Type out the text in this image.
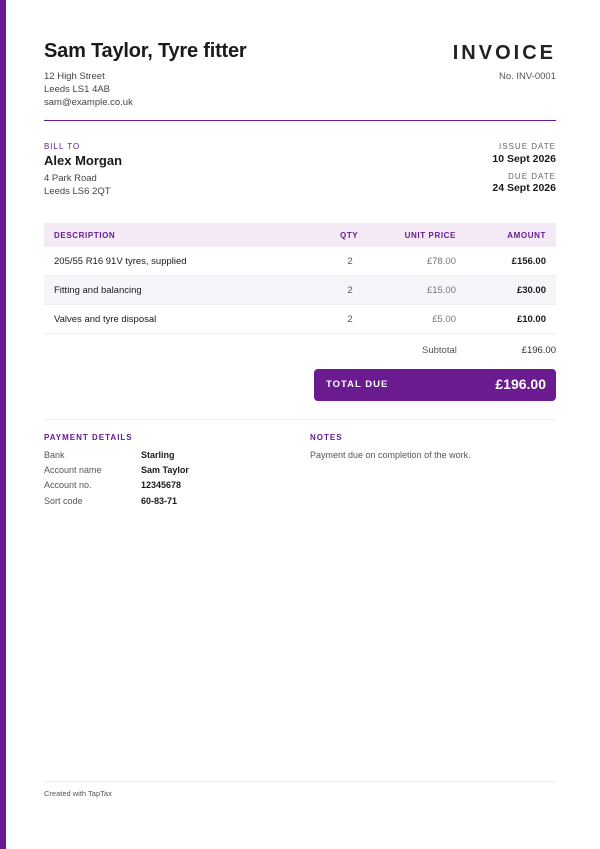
Sam Taylor, Tyre fitter
12 High Street
Leeds LS1 4AB
sam@example.co.uk
INVOICE
No. INV-0001
BILL TO
Alex Morgan
4 Park Road
Leeds LS6 2QT
ISSUE DATE
10 Sept 2026
DUE DATE
24 Sept 2026
DESCRIPTION	QTY	UNIT PRICE	AMOUNT
205/55 R16 91V tyres, supplied	2	£78.00	£156.00
Fitting and balancing	2	£15.00	£30.00
Valves and tyre disposal	2	£5.00	£10.00
Subtotal	£196.00
TOTAL DUE	£196.00
PAYMENT DETAILS
Bank	Starling
Account name	Sam Taylor
Account no.	12345678
Sort code	60-83-71
NOTES
Payment due on completion of the work.
Created with TapTax
